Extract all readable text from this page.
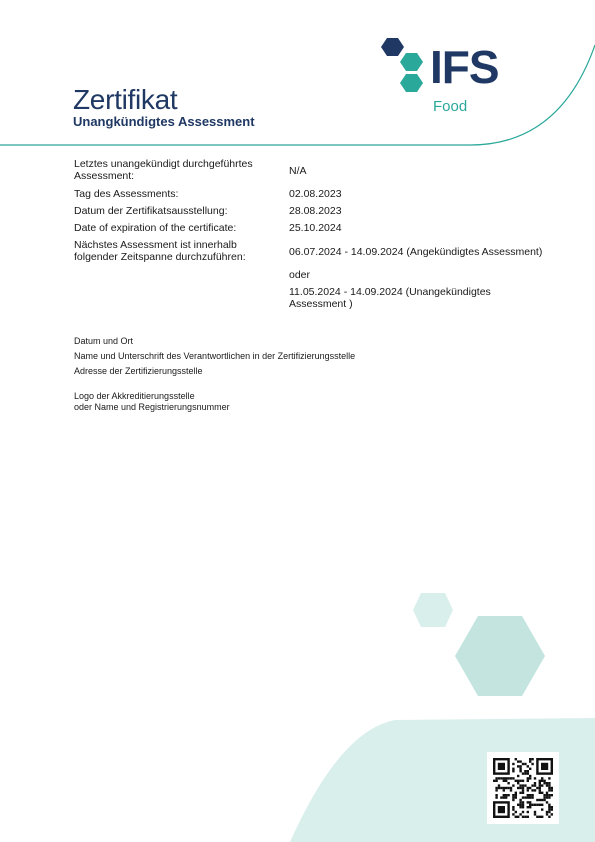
IFS
Food
Zertifikat
Unangkündigtes Assessment
Letztes unangekündigt durchgeführtes Assessment:	N/A
Tag des Assessments:	02.08.2023
Datum der Zertifikatsausstellung:	28.08.2023
Date of expiration of the certificate:	25.10.2024
Nächstes Assessment ist innerhalb folgender Zeitspanne durchzuführen:	06.07.2024 - 14.09.2024 (Angekündigtes Assessment)
oder
11.05.2024 - 14.09.2024 (Unangekündigtes Assessment )
Datum und Ort
Name und Unterschrift des Verantwortlichen in der Zertifizierungsstelle
Adresse der Zertifizierungsstelle
Logo der Akkreditierungsstelle
oder Name und Registrierungsnummer
